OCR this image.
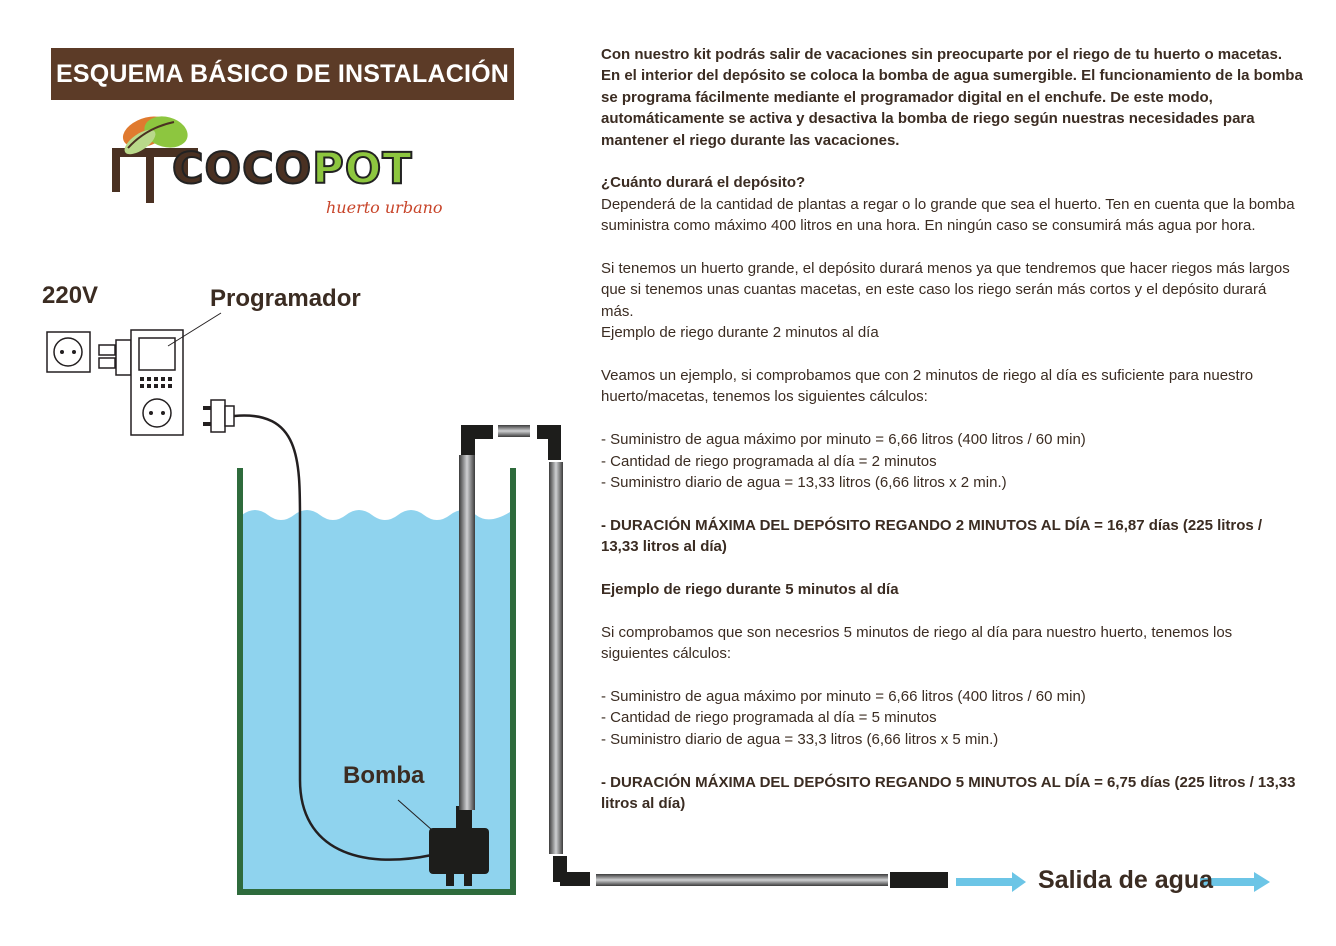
ESQUEMA BÁSICO DE INSTALACIÓN
COCOPOT
huerto urbano
220V	Programador
Bomba
Salida de agua

Con nuestro kit podrás salir de vacaciones sin preocuparte por el riego de tu huerto o macetas. En el interior del depósito se coloca la bomba de agua sumergible. El funcionamiento de la bomba se programa fácilmente mediante el programador digital en el enchufe. De este modo, automáticamente se activa y desactiva la bomba de riego según nuestras necesidades para mantener el riego durante las vacaciones.

¿Cuánto durará el depósito?
Dependerá de la cantidad de plantas a regar o lo grande que sea el huerto. Ten en cuenta que la bomba suministra como máximo 400 litros en una hora. En ningún caso se consumirá más agua por hora.

Si tenemos un huerto grande, el depósito durará menos ya que tendremos que hacer riegos más largos que si tenemos unas cuantas macetas, en este caso los riego serán más cortos y el depósito durará más.
Ejemplo de riego durante 2 minutos al día

Veamos un ejemplo, si comprobamos que con 2 minutos de riego al día es suficiente para nuestro huerto/macetas, tenemos los siguientes cálculos:

- Suministro de agua máximo por minuto = 6,66 litros (400 litros / 60 min)
- Cantidad de riego programada al día = 2 minutos
- Suministro diario de agua = 13,33 litros (6,66 litros x 2 min.)

- DURACIÓN MÁXIMA DEL DEPÓSITO REGANDO 2 MINUTOS AL DÍA = 16,87 días (225 litros / 13,33 litros al día)

Ejemplo de riego durante 5 minutos al día

Si comprobamos que son necesrios 5 minutos de riego al día para nuestro huerto, tenemos los siguientes cálculos:

- Suministro de agua máximo por minuto = 6,66 litros (400 litros / 60 min)
- Cantidad de riego programada al día = 5 minutos
- Suministro diario de agua = 33,3 litros (6,66 litros x 5 min.)

- DURACIÓN MÁXIMA DEL DEPÓSITO REGANDO 5 MINUTOS AL DÍA = 6,75 días (225 litros / 13,33 litros al día)
